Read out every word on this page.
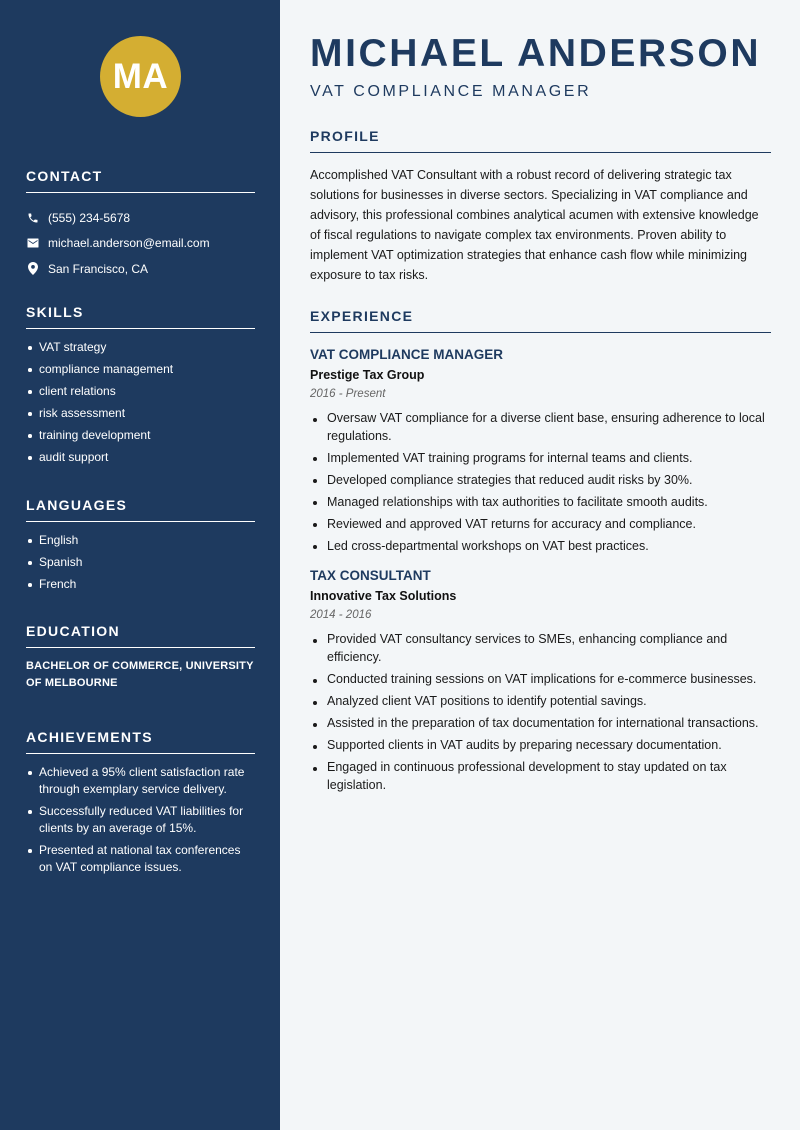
MA
CONTACT
(555) 234-5678
michael.anderson@email.com
San Francisco, CA
SKILLS
VAT strategy
compliance management
client relations
risk assessment
training development
audit support
LANGUAGES
English
Spanish
French
EDUCATION
BACHELOR OF COMMERCE, UNIVERSITY OF MELBOURNE
ACHIEVEMENTS
Achieved a 95% client satisfaction rate through exemplary service delivery.
Successfully reduced VAT liabilities for clients by an average of 15%.
Presented at national tax conferences on VAT compliance issues.
MICHAEL ANDERSON
VAT COMPLIANCE MANAGER
PROFILE

Accomplished VAT Consultant with a robust record of delivering strategic tax solutions for businesses in diverse sectors. Specializing in VAT compliance and advisory, this professional combines analytical acumen with extensive knowledge of fiscal regulations to navigate complex tax environments. Proven ability to implement VAT optimization strategies that enhance cash flow while minimizing exposure to tax risks.

EXPERIENCE
VAT COMPLIANCE MANAGER
Prestige Tax Group
2016 - Present
Oversaw VAT compliance for a diverse client base, ensuring adherence to local regulations.
Implemented VAT training programs for internal teams and clients.
Developed compliance strategies that reduced audit risks by 30%.
Managed relationships with tax authorities to facilitate smooth audits.
Reviewed and approved VAT returns for accuracy and compliance.
Led cross-departmental workshops on VAT best practices.
TAX CONSULTANT
Innovative Tax Solutions
2014 - 2016
Provided VAT consultancy services to SMEs, enhancing compliance and efficiency.
Conducted training sessions on VAT implications for e-commerce businesses.
Analyzed client VAT positions to identify potential savings.
Assisted in the preparation of tax documentation for international transactions.
Supported clients in VAT audits by preparing necessary documentation.
Engaged in continuous professional development to stay updated on tax legislation.
